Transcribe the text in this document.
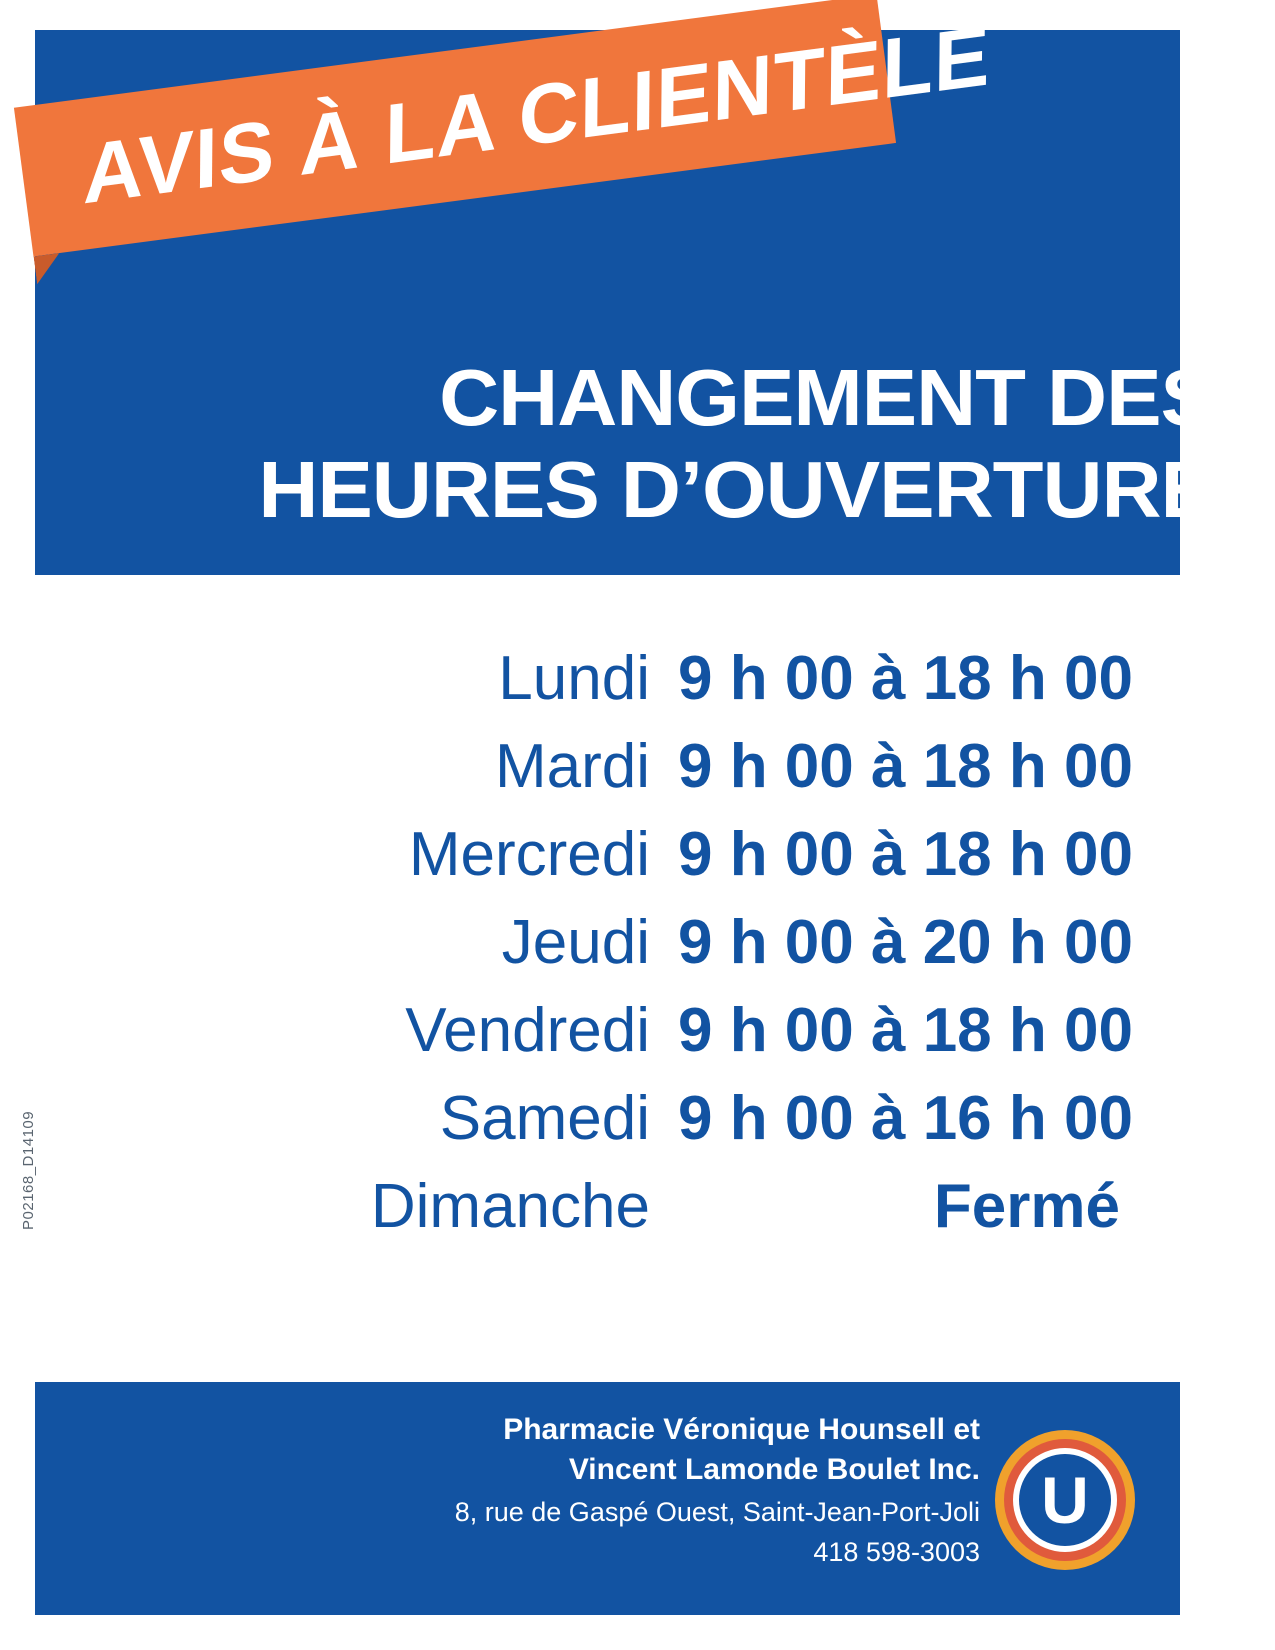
AVIS À LA CLIENTÈLE
CHANGEMENT DES
HEURES D’OUVERTURE
Lundi 9 h 00 à 18 h 00
Mardi 9 h 00 à 18 h 00
Mercredi 9 h 00 à 18 h 00
Jeudi 9 h 00 à 20 h 00
Vendredi 9 h 00 à 18 h 00
Samedi 9 h 00 à 16 h 00
Dimanche	Fermé
P02168_D14109
Pharmacie Véronique Hounsell et
Vincent Lamonde Boulet Inc.
8, rue de Gaspé Ouest, Saint-Jean-Port-Joli
418 598-3003
U
